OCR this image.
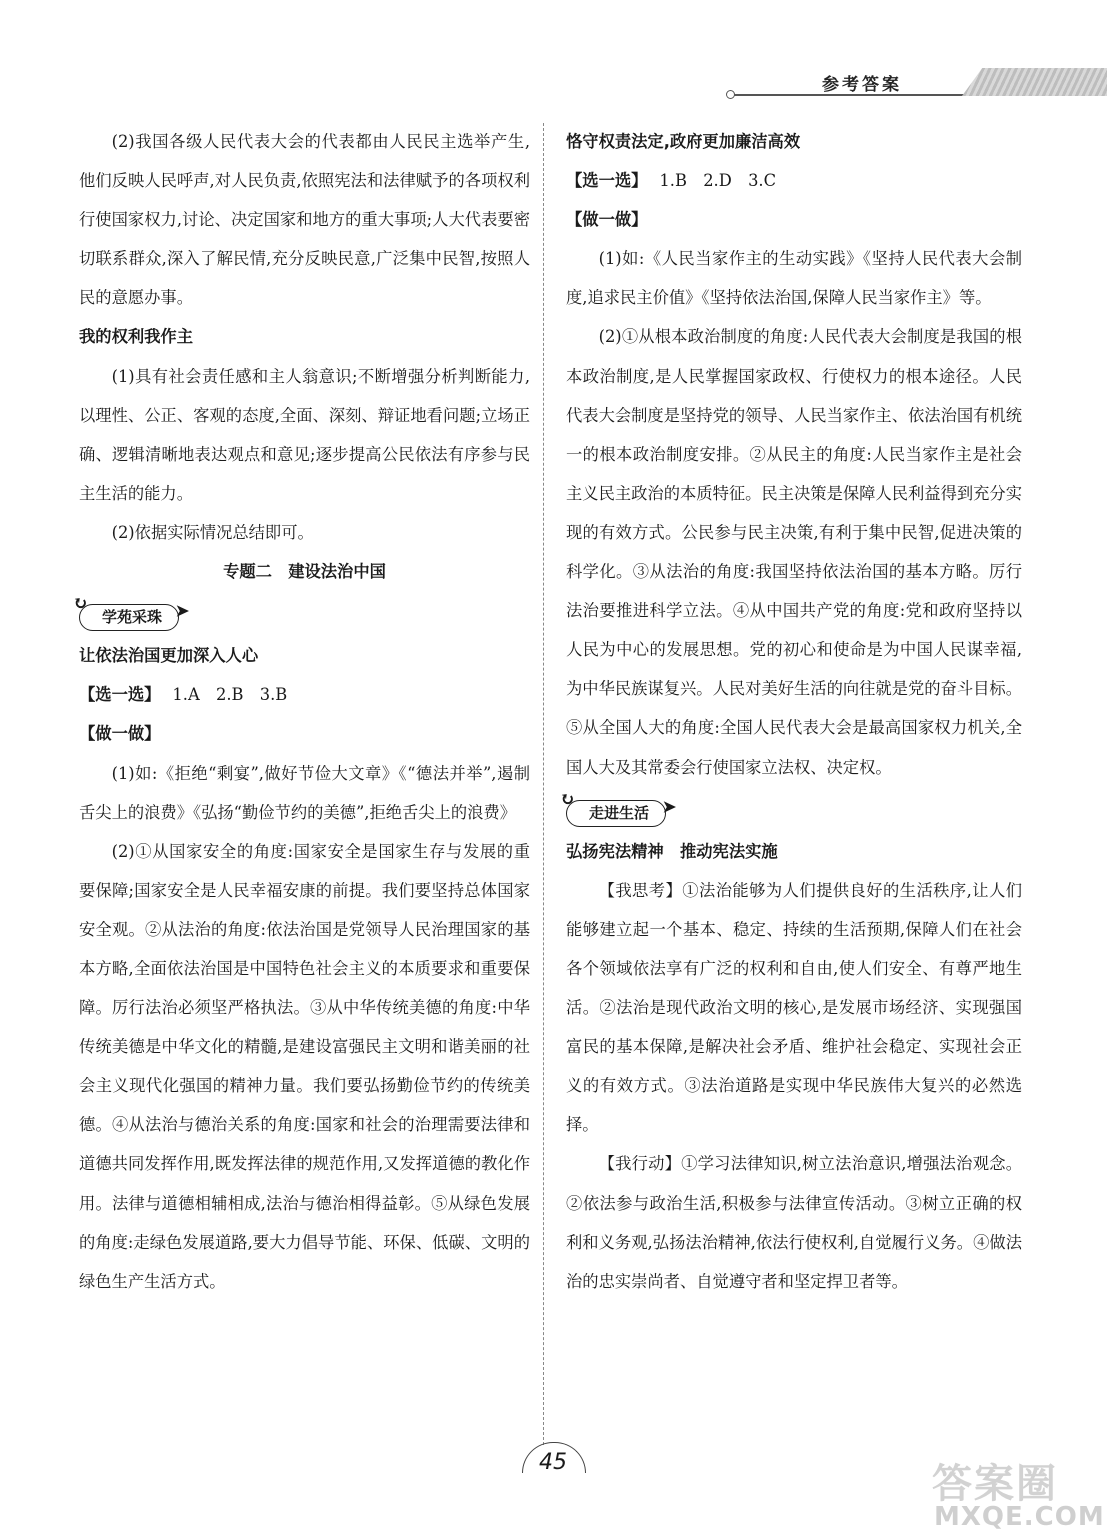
参考答案

(2)我国各级人民代表大会的代表都由人民民主选举产生,他们反映人民呼声,对人民负责,依照宪法和法律赋予的各项权利行使国家权力,讨论、决定国家和地方的重大事项;人大代表要密切联系群众,深入了解民情,充分反映民意,广泛集中民智,按照人民的意愿办事。

我的权利我作主

(1)具有社会责任感和主人翁意识;不断增强分析判断能力,以理性、公正、客观的态度,全面、深刻、辩证地看问题;立场正确、逻辑清晰地表达观点和意见;逐步提高公民依法有序参与民主生活的能力。

(2)依据实际情况总结即可。

专题二　建设法治中国

↻
学苑采珠 ➤

让依法治国更加深入人心

【选一选】 1.A　2.B　3.B

【做一做】

(1)如:《拒绝“剩宴”,做好节俭大文章》《“德法并举”,遏制舌尖上的浪费》《弘扬“勤俭节约的美德”,拒绝舌尖上的浪费》

(2)①从国家安全的角度:国家安全是国家生存与发展的重要保障;国家安全是人民幸福安康的前提。我们要坚持总体国家安全观。②从法治的角度:依法治国是党领导人民治理国家的基本方略,全面依法治国是中国特色社会主义的本质要求和重要保障。厉行法治必须坚严格执法。③从中华传统美德的角度:中华传统美德是中华文化的精髓,是建设富强民主文明和谐美丽的社会主义现代化强国的精神力量。我们要弘扬勤俭节约的传统美德。④从法治与德治关系的角度:国家和社会的治理需要法律和道德共同发挥作用,既发挥法律的规范作用,又发挥道德的教化作用。法律与道德相辅相成,法治与德治相得益彰。⑤从绿色发展的角度:走绿色发展道路,要大力倡导节能、环保、低碳、文明的绿色生产生活方式。

恪守权责法定,政府更加廉洁高效

【选一选】 1.B　2.D　3.C

【做一做】

(1)如:《人民当家作主的生动实践》《坚持人民代表大会制度,追求民主价值》《坚持依法治国,保障人民当家作主》等。

(2)①从根本政治制度的角度:人民代表大会制度是我国的根本政治制度,是人民掌握国家政权、行使权力的根本途径。人民代表大会制度是坚持党的领导、人民当家作主、依法治国有机统一的根本政治制度安排。②从民主的角度:人民当家作主是社会主义民主政治的本质特征。民主决策是保障人民利益得到充分实现的有效方式。公民参与民主决策,有利于集中民智,促进决策的科学化。③从法治的角度:我国坚持依法治国的基本方略。厉行法治要推进科学立法。④从中国共产党的角度:党和政府坚持以人民为中心的发展思想。党的初心和使命是为中国人民谋幸福,为中华民族谋复兴。人民对美好生活的向往就是党的奋斗目标。⑤从全国人大的角度:全国人民代表大会是最高国家权力机关,全国人大及其常委会行使国家立法权、决定权。

↻
走进生活 ➤

弘扬宪法精神　推动宪法实施

【我思考】①法治能够为人们提供良好的生活秩序,让人们能够建立起一个基本、稳定、持续的生活预期,保障人们在社会各个领域依法享有广泛的权利和自由,使人们安全、有尊严地生活。②法治是现代政治文明的核心,是发展市场经济、实现强国富民的基本保障,是解决社会矛盾、维护社会稳定、实现社会正义的有效方式。③法治道路是实现中华民族伟大复兴的必然选择。

【我行动】①学习法律知识,树立法治意识,增强法治观念。②依法参与政治生活,积极参与法律宣传活动。③树立正确的权利和义务观,弘扬法治精神,依法行使权利,自觉履行义务。④做法治的忠实崇尚者、自觉遵守者和坚定捍卫者等。

45	答案圈
MXQE.COM
